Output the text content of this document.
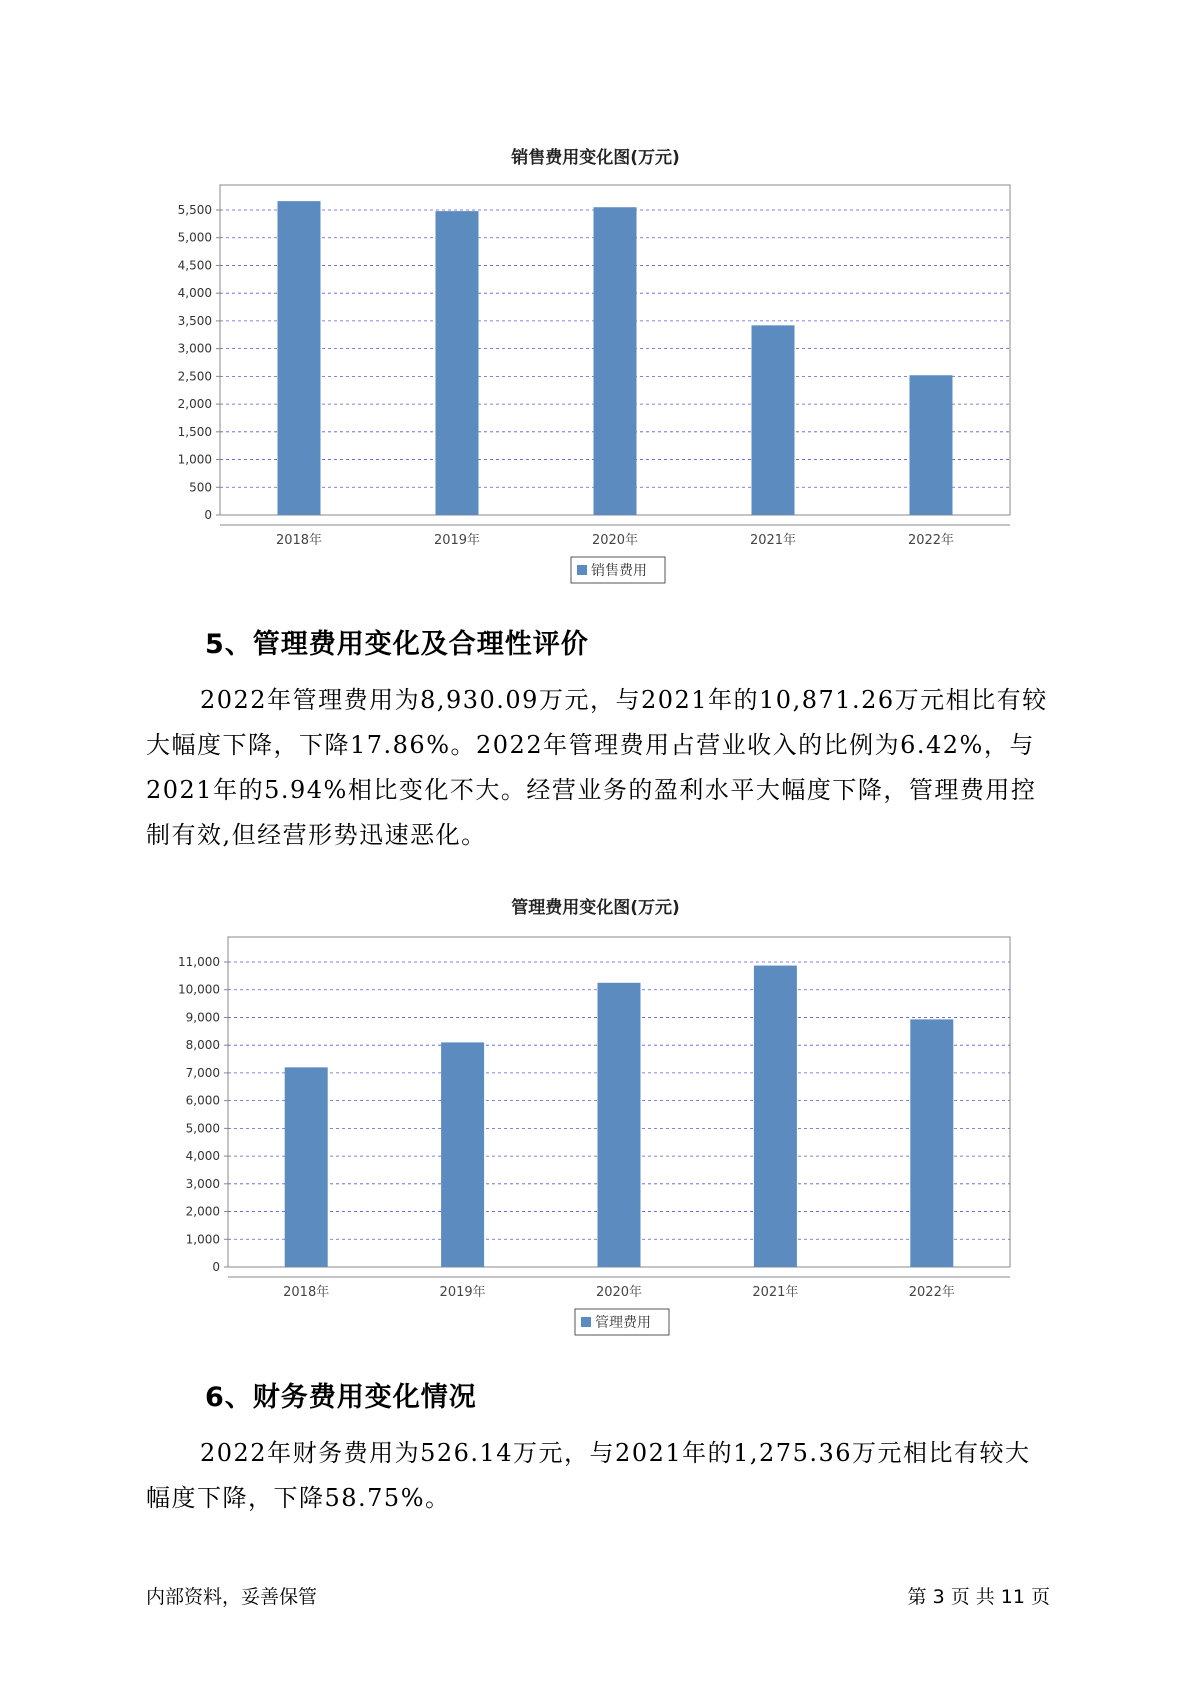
销售费用变化图(万元)
0
500
1,000
1,500
2,000
2,500
3,000
3,500
4,000
4,500
5,000
5,500
2018年	2019年	2020年	2021年	2022年
销售费用
5、管理费用变化及合理性评价

2022年管理费用为8,930.09万元，与2021年的10,871.26万元相比有较大幅度下降，下降17.86%。2022年管理费用占营业收入的比例为6.42%，与2021年的5.94%相比变化不大。经营业务的盈利水平大幅度下降，管理费用控制有效,但经营形势迅速恶化。

管理费用变化图(万元)
0
1,000
2,000
3,000
4,000
5,000
6,000
7,000
8,000
9,000
10,000
11,000
2018年	2019年	2020年	2021年	2022年
管理费用
6、财务费用变化情况

2022年财务费用为526.14万元，与2021年的1,275.36万元相比有较大幅度下降，下降58.75%。

内部资料，妥善保管	第 3 页 共 11 页
